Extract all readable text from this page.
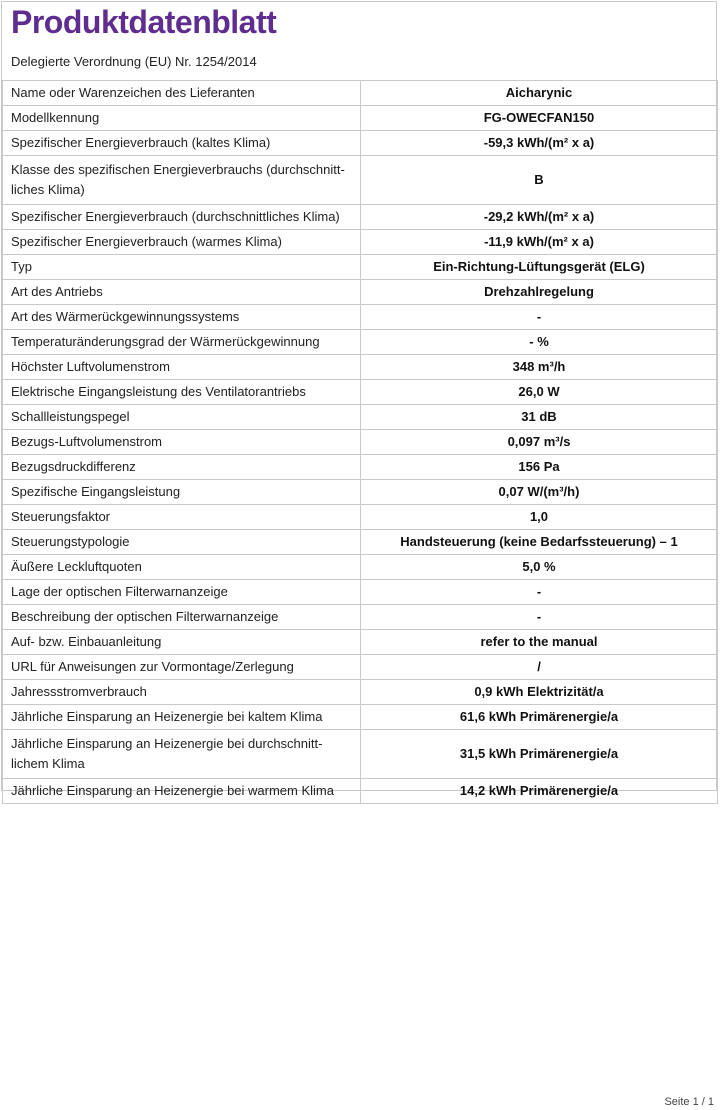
Produktdatenblatt
Delegierte Verordnung (EU) Nr. 1254/2014
Name oder Warenzeichen des Lieferanten	Aicharynic
Modellkennung	FG-OWECFAN150
Spezifischer Energieverbrauch (kaltes Klima)	-59,3 kWh/(m² x a)
Klasse des spezifischen Energieverbrauchs (durchschnittliches Klima)	B
Spezifischer Energieverbrauch (durchschnittliches Klima)	-29,2 kWh/(m² x a)
Spezifischer Energieverbrauch (warmes Klima)	-11,9 kWh/(m² x a)
Typ	Ein-Richtung-Lüftungsgerät (ELG)
Art des Antriebs	Drehzahlregelung
Art des Wärmerückgewinnungssystems	-
Temperaturänderungsgrad der Wärmerückgewinnung	- %
Höchster Luftvolumenstrom	348 m³/h
Elektrische Eingangsleistung des Ventilatorantriebs	26,0 W
Schallleistungspegel	31 dB
Bezugs-Luftvolumenstrom	0,097 m³/s
Bezugsdruckdifferenz	156 Pa
Spezifische Eingangsleistung	0,07 W/(m³/h)
Steuerungsfaktor	1,0
Steuerungstypologie	Handsteuerung (keine Bedarfssteuerung) – 1
Äußere Leckluftquoten	5,0 %
Lage der optischen Filterwarnanzeige	-
Beschreibung der optischen Filterwarnanzeige	-
Auf- bzw. Einbauanleitung	refer to the manual
URL für Anweisungen zur Vormontage/Zerlegung	/
Jahressstromverbrauch	0,9 kWh Elektrizität/a
Jährliche Einsparung an Heizenergie bei kaltem Klima	61,6 kWh Primärenergie/a
Jährliche Einsparung an Heizenergie bei durchschnittlichem Klima	31,5 kWh Primärenergie/a
Jährliche Einsparung an Heizenergie bei warmem Klima	14,2 kWh Primärenergie/a
Seite 1 / 1
